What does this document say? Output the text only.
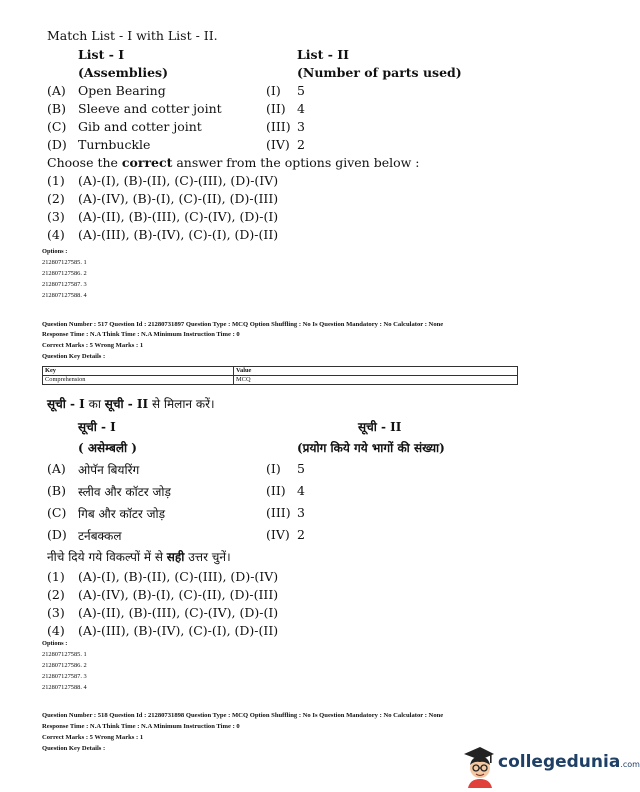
Match List - I with List - II.
List - I	List - II
(Assemblies)	(Number of parts used)
(A) Open Bearing	(I) 5
(B) Sleeve and cotter joint	(II) 4
(C) Gib and cotter joint	(III) 3
(D) Turnbuckle	(IV) 2
Choose the correct answer from the options given below :
(1) (A)-(I), (B)-(II), (C)-(III), (D)-(IV)
(2) (A)-(IV), (B)-(I), (C)-(II), (D)-(III)
(3) (A)-(II), (B)-(III), (C)-(IV), (D)-(I)
(4) (A)-(III), (B)-(IV), (C)-(I), (D)-(II)
Options :
212807127585. 1
212807127586. 2
212807127587. 3
212807127588. 4
Question Number : 517 Question Id : 21280731897 Question Type : MCQ Option Shuffling : No Is Question Mandatory : No Calculator : None
Response Time : N.A Think Time : N.A Minimum Instruction Time : 0
Correct Marks : 5 Wrong Marks : 1
Question Key Details :
Key	Value
Comprehension	MCQ
सूची - I का सूची - II से मिलान करें।
सूची - I	सूची - II
( असेम्बली )	(प्रयोग किये गये भागों की संख्या)
(A) ओपॅन बियरिंग	(I) 5
(B) स्लीव और कॉटर जोड़	(II) 4
(C) गिब और कॉटर जोड़	(III) 3
(D) टर्नबक्कल	(IV) 2
नीचे दिये गये विकल्पों में से सही उत्तर चुनें।
(1) (A)-(I), (B)-(II), (C)-(III), (D)-(IV)
(2) (A)-(IV), (B)-(I), (C)-(II), (D)-(III)
(3) (A)-(II), (B)-(III), (C)-(IV), (D)-(I)
(4) (A)-(III), (B)-(IV), (C)-(I), (D)-(II)
Options :
212807127585. 1
212807127586. 2
212807127587. 3
212807127588. 4
Question Number : 518 Question Id : 21280731898 Question Type : MCQ Option Shuffling : No Is Question Mandatory : No Calculator : None
Response Time : N.A Think Time : N.A Minimum Instruction Time : 0
Correct Marks : 5 Wrong Marks : 1
Question Key Details :
collegedunia.com
